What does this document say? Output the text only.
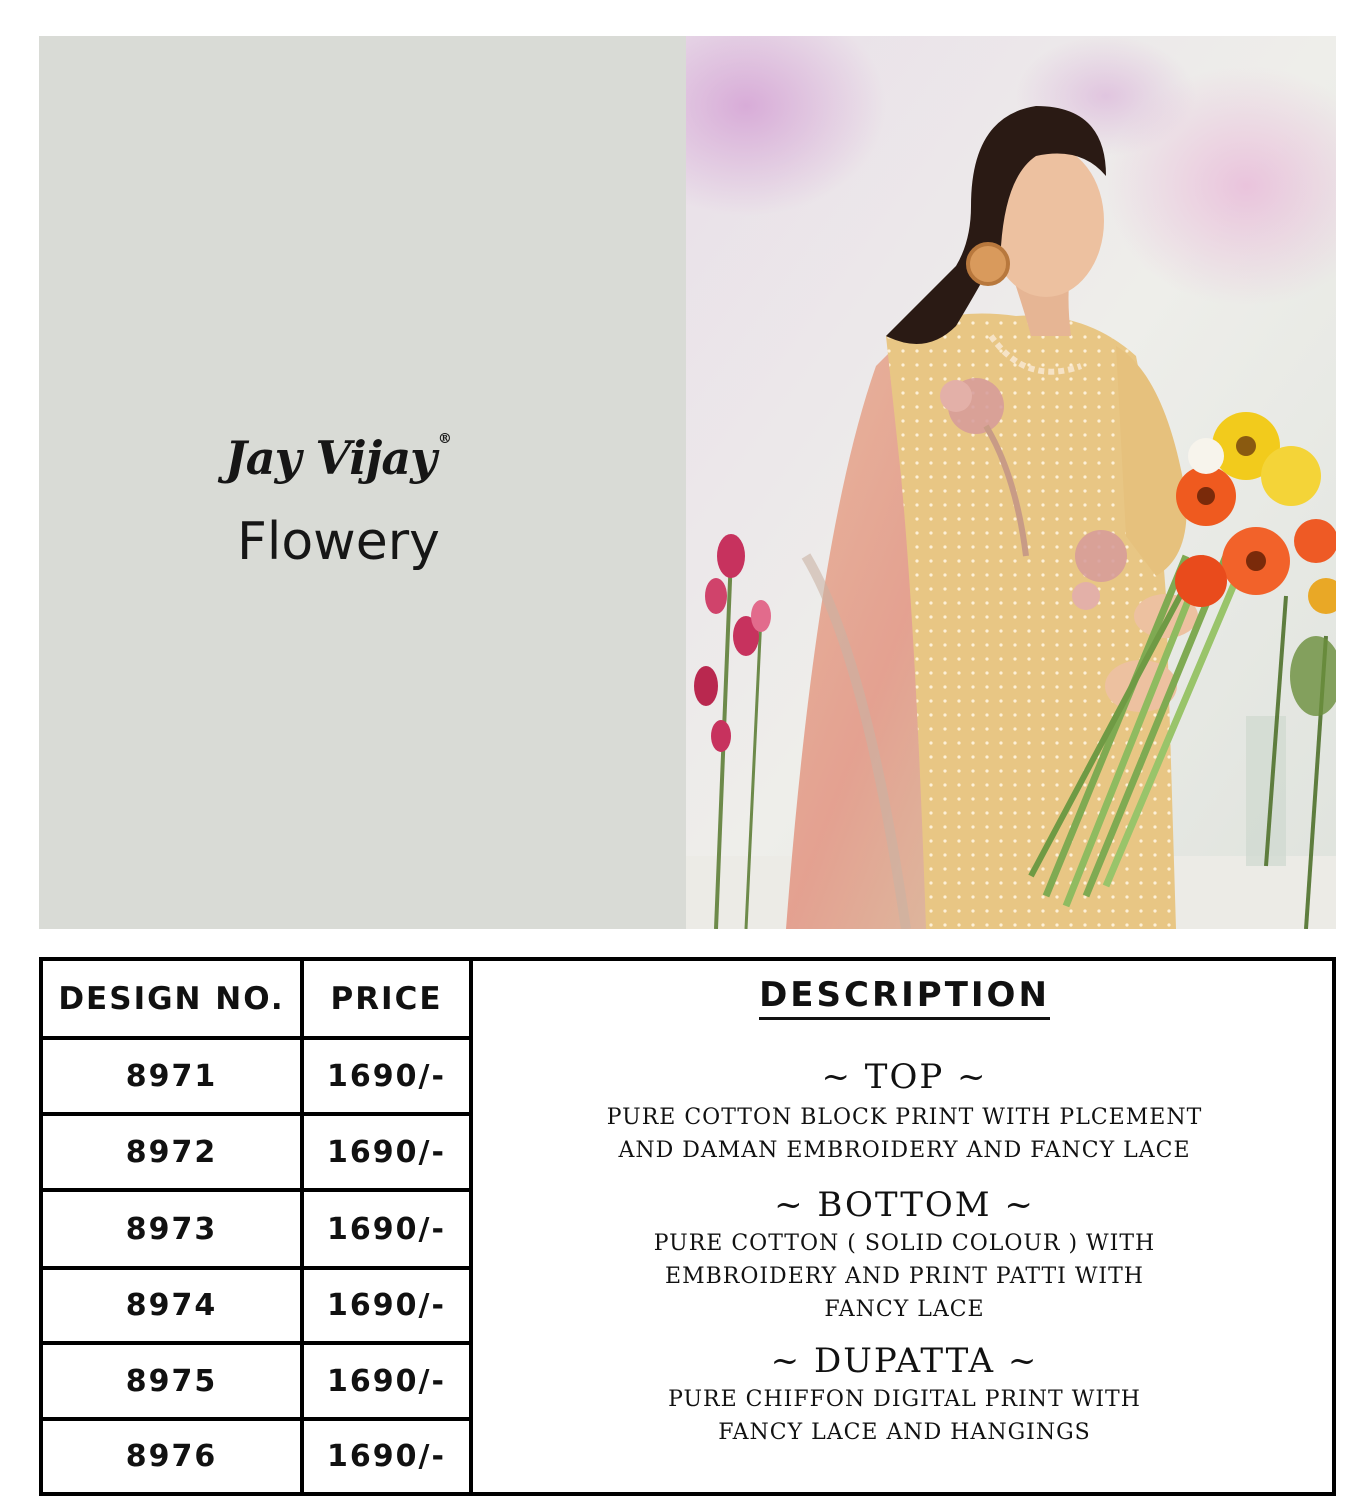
Jay Vijay ®
Flowery
DESIGN NO.	PRICE
8971	1690/-
8972	1690/-
8973	1690/-
8974	1690/-
8975	1690/-
8976	1690/-
DESCRIPTION
~ TOP ~
PURE COTTON BLOCK PRINT WITH PLCEMENT
AND DAMAN EMBROIDERY AND FANCY LACE
~ BOTTOM ~
PURE COTTON ( SOLID COLOUR ) WITH
EMBROIDERY AND PRINT PATTI WITH
FANCY LACE
~ DUPATTA ~
PURE CHIFFON DIGITAL PRINT WITH
FANCY LACE AND HANGINGS
